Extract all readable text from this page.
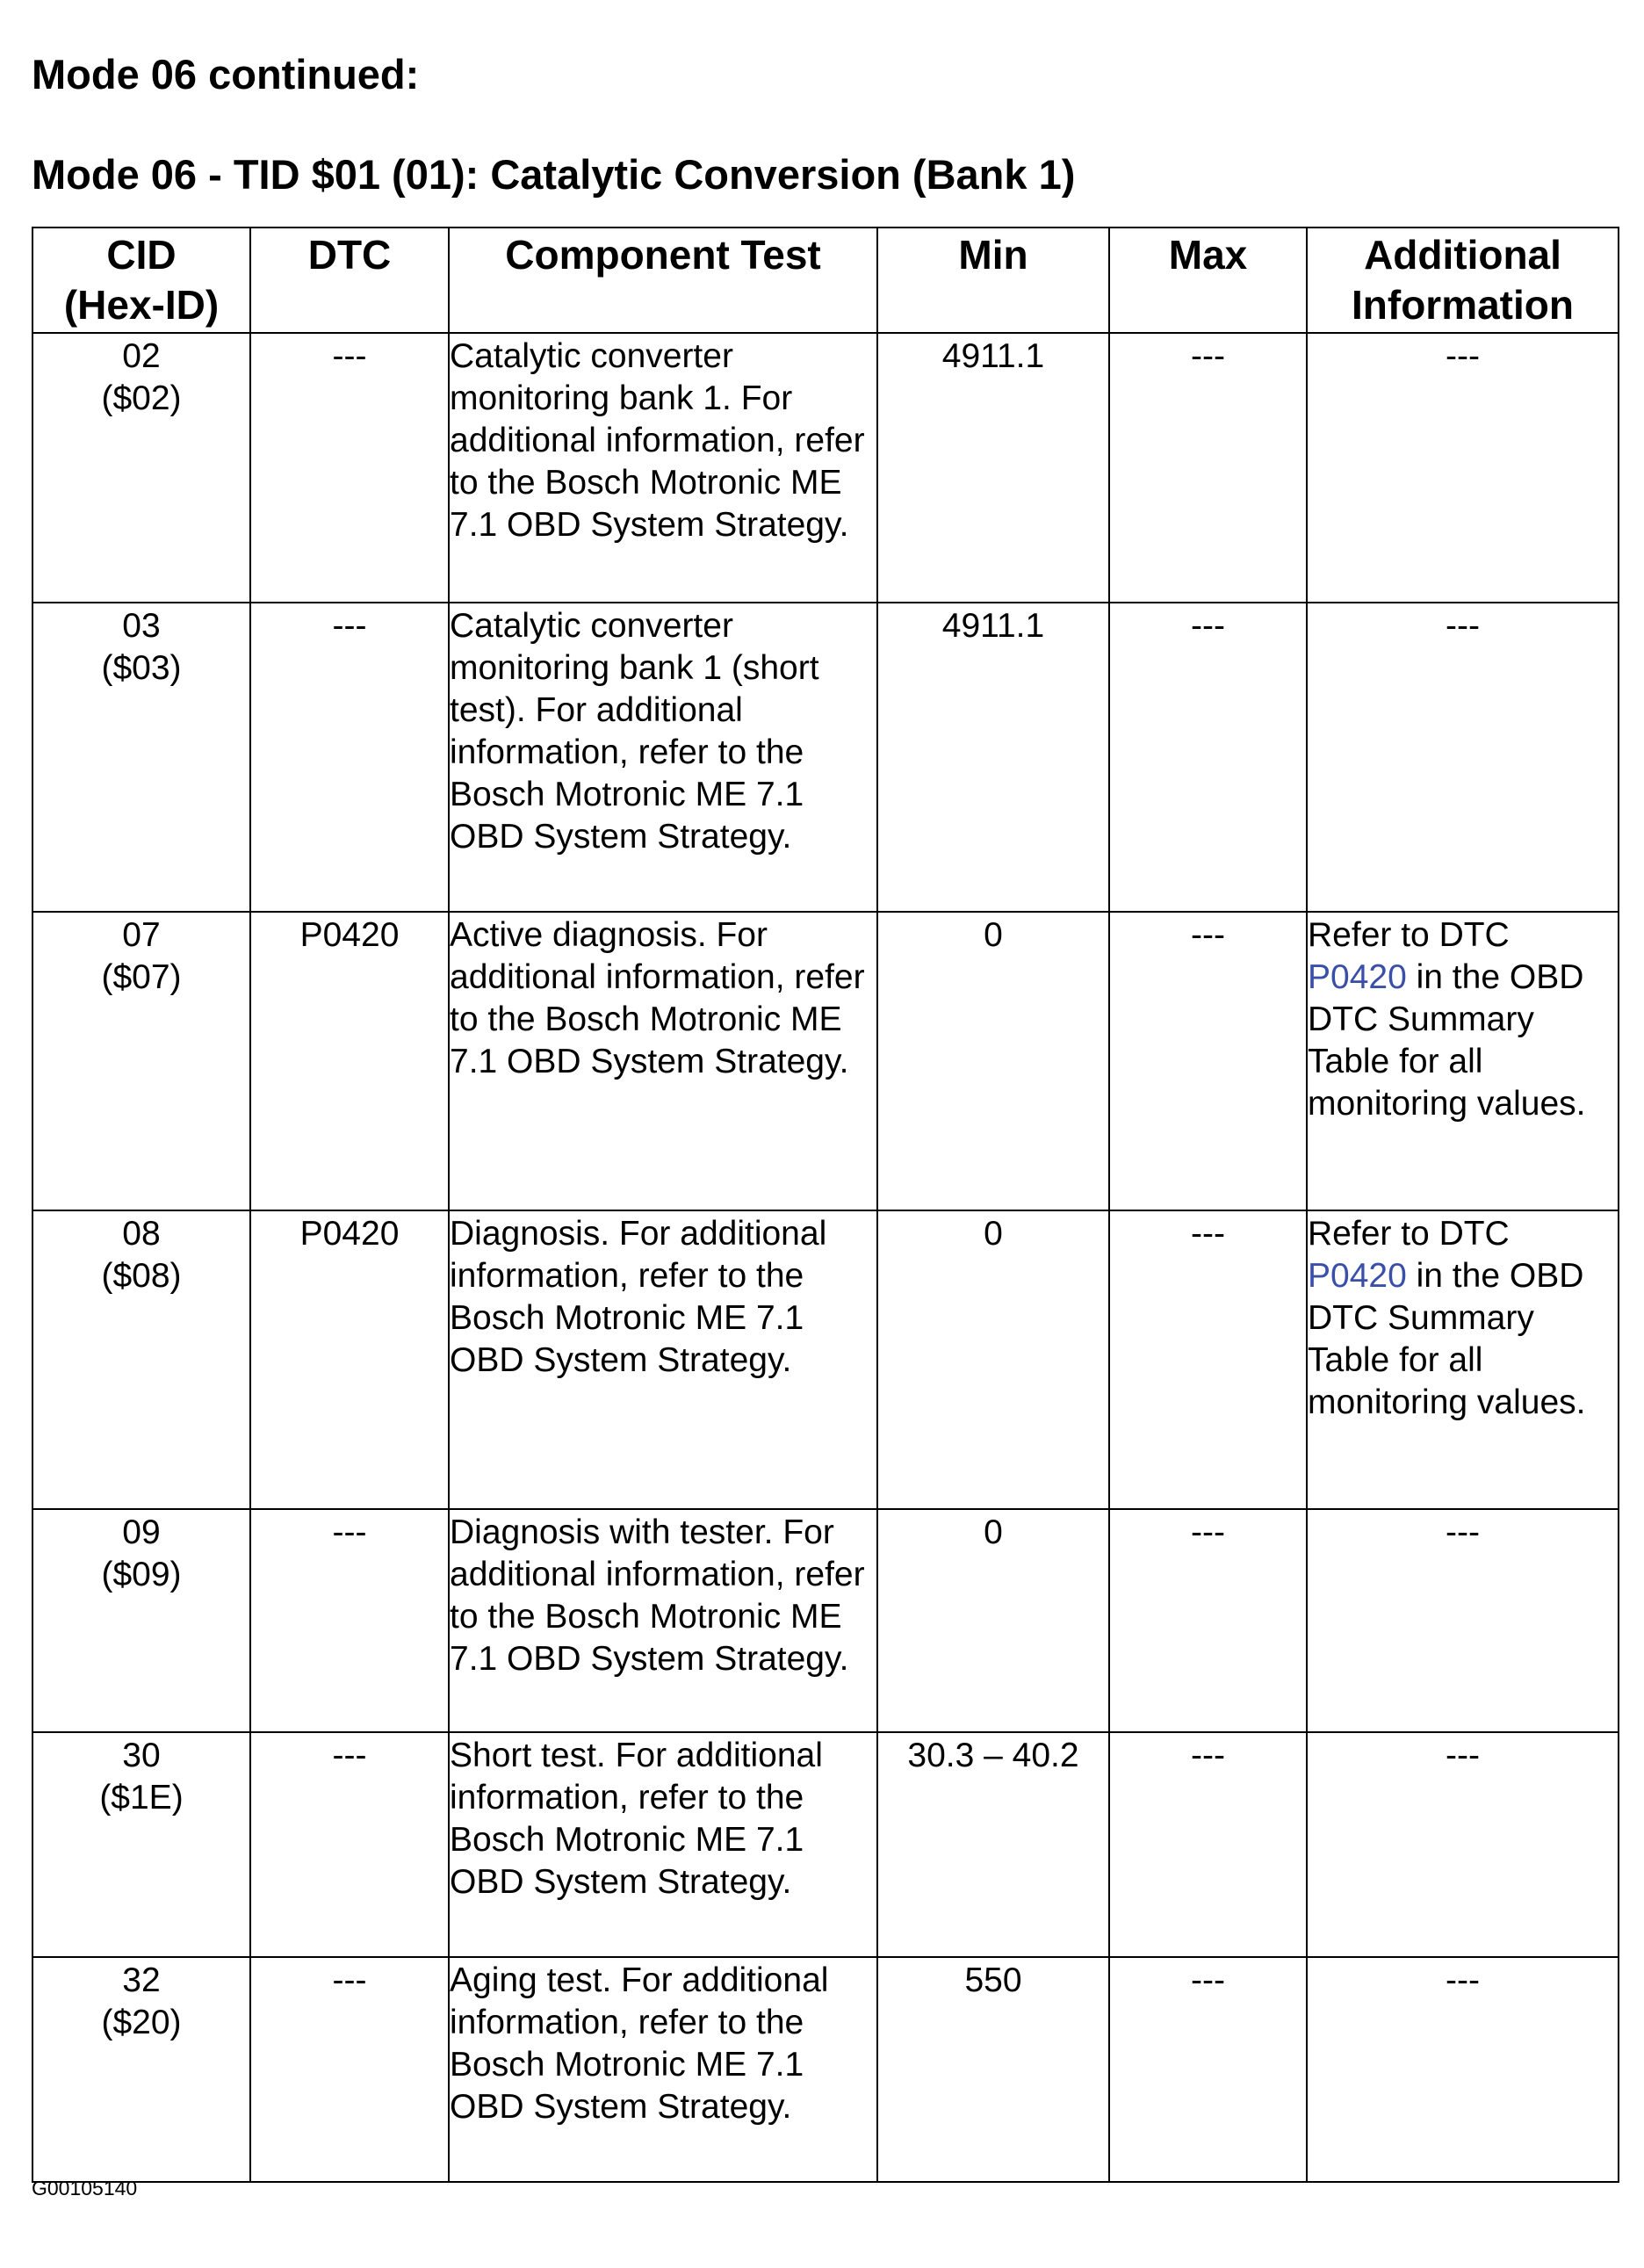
Mode 06 continued:
Mode 06 - TID $01 (01): Catalytic Conversion (Bank 1)
CID
(Hex-ID)	DTC	Component Test	Min	Max	Additional
Information

02
($02)	---	Catalytic converter monitoring bank 1. For additional information, refer to the Bosch Motronic ME 7.1 OBD System Strategy.	4911.1	---	---

03
($03)	---	Catalytic converter monitoring bank 1 (short test). For additional information, refer to the Bosch Motronic ME 7.1 OBD System Strategy.	4911.1	---	---

07
($07)	P0420	Active diagnosis. For additional information, refer to the Bosch Motronic ME 7.1 OBD System Strategy.	0	---	Refer to DTC P0420 in the OBD DTC Summary Table for all monitoring values.

08
($08)	P0420	Diagnosis. For additional information, refer to the Bosch Motronic ME 7.1 OBD System Strategy.	0	---	Refer to DTC P0420 in the OBD DTC Summary Table for all monitoring values.

09
($09)	---	Diagnosis with tester. For additional information, refer to the Bosch Motronic ME 7.1 OBD System Strategy.	0	---	---

30
($1E)	---	Short test. For additional information, refer to the Bosch Motronic ME 7.1 OBD System Strategy.	30.3 – 40.2	---	---

32
($20)	---	Aging test. For additional information, refer to the Bosch Motronic ME 7.1 OBD System Strategy.	550	---	---
G00105140
